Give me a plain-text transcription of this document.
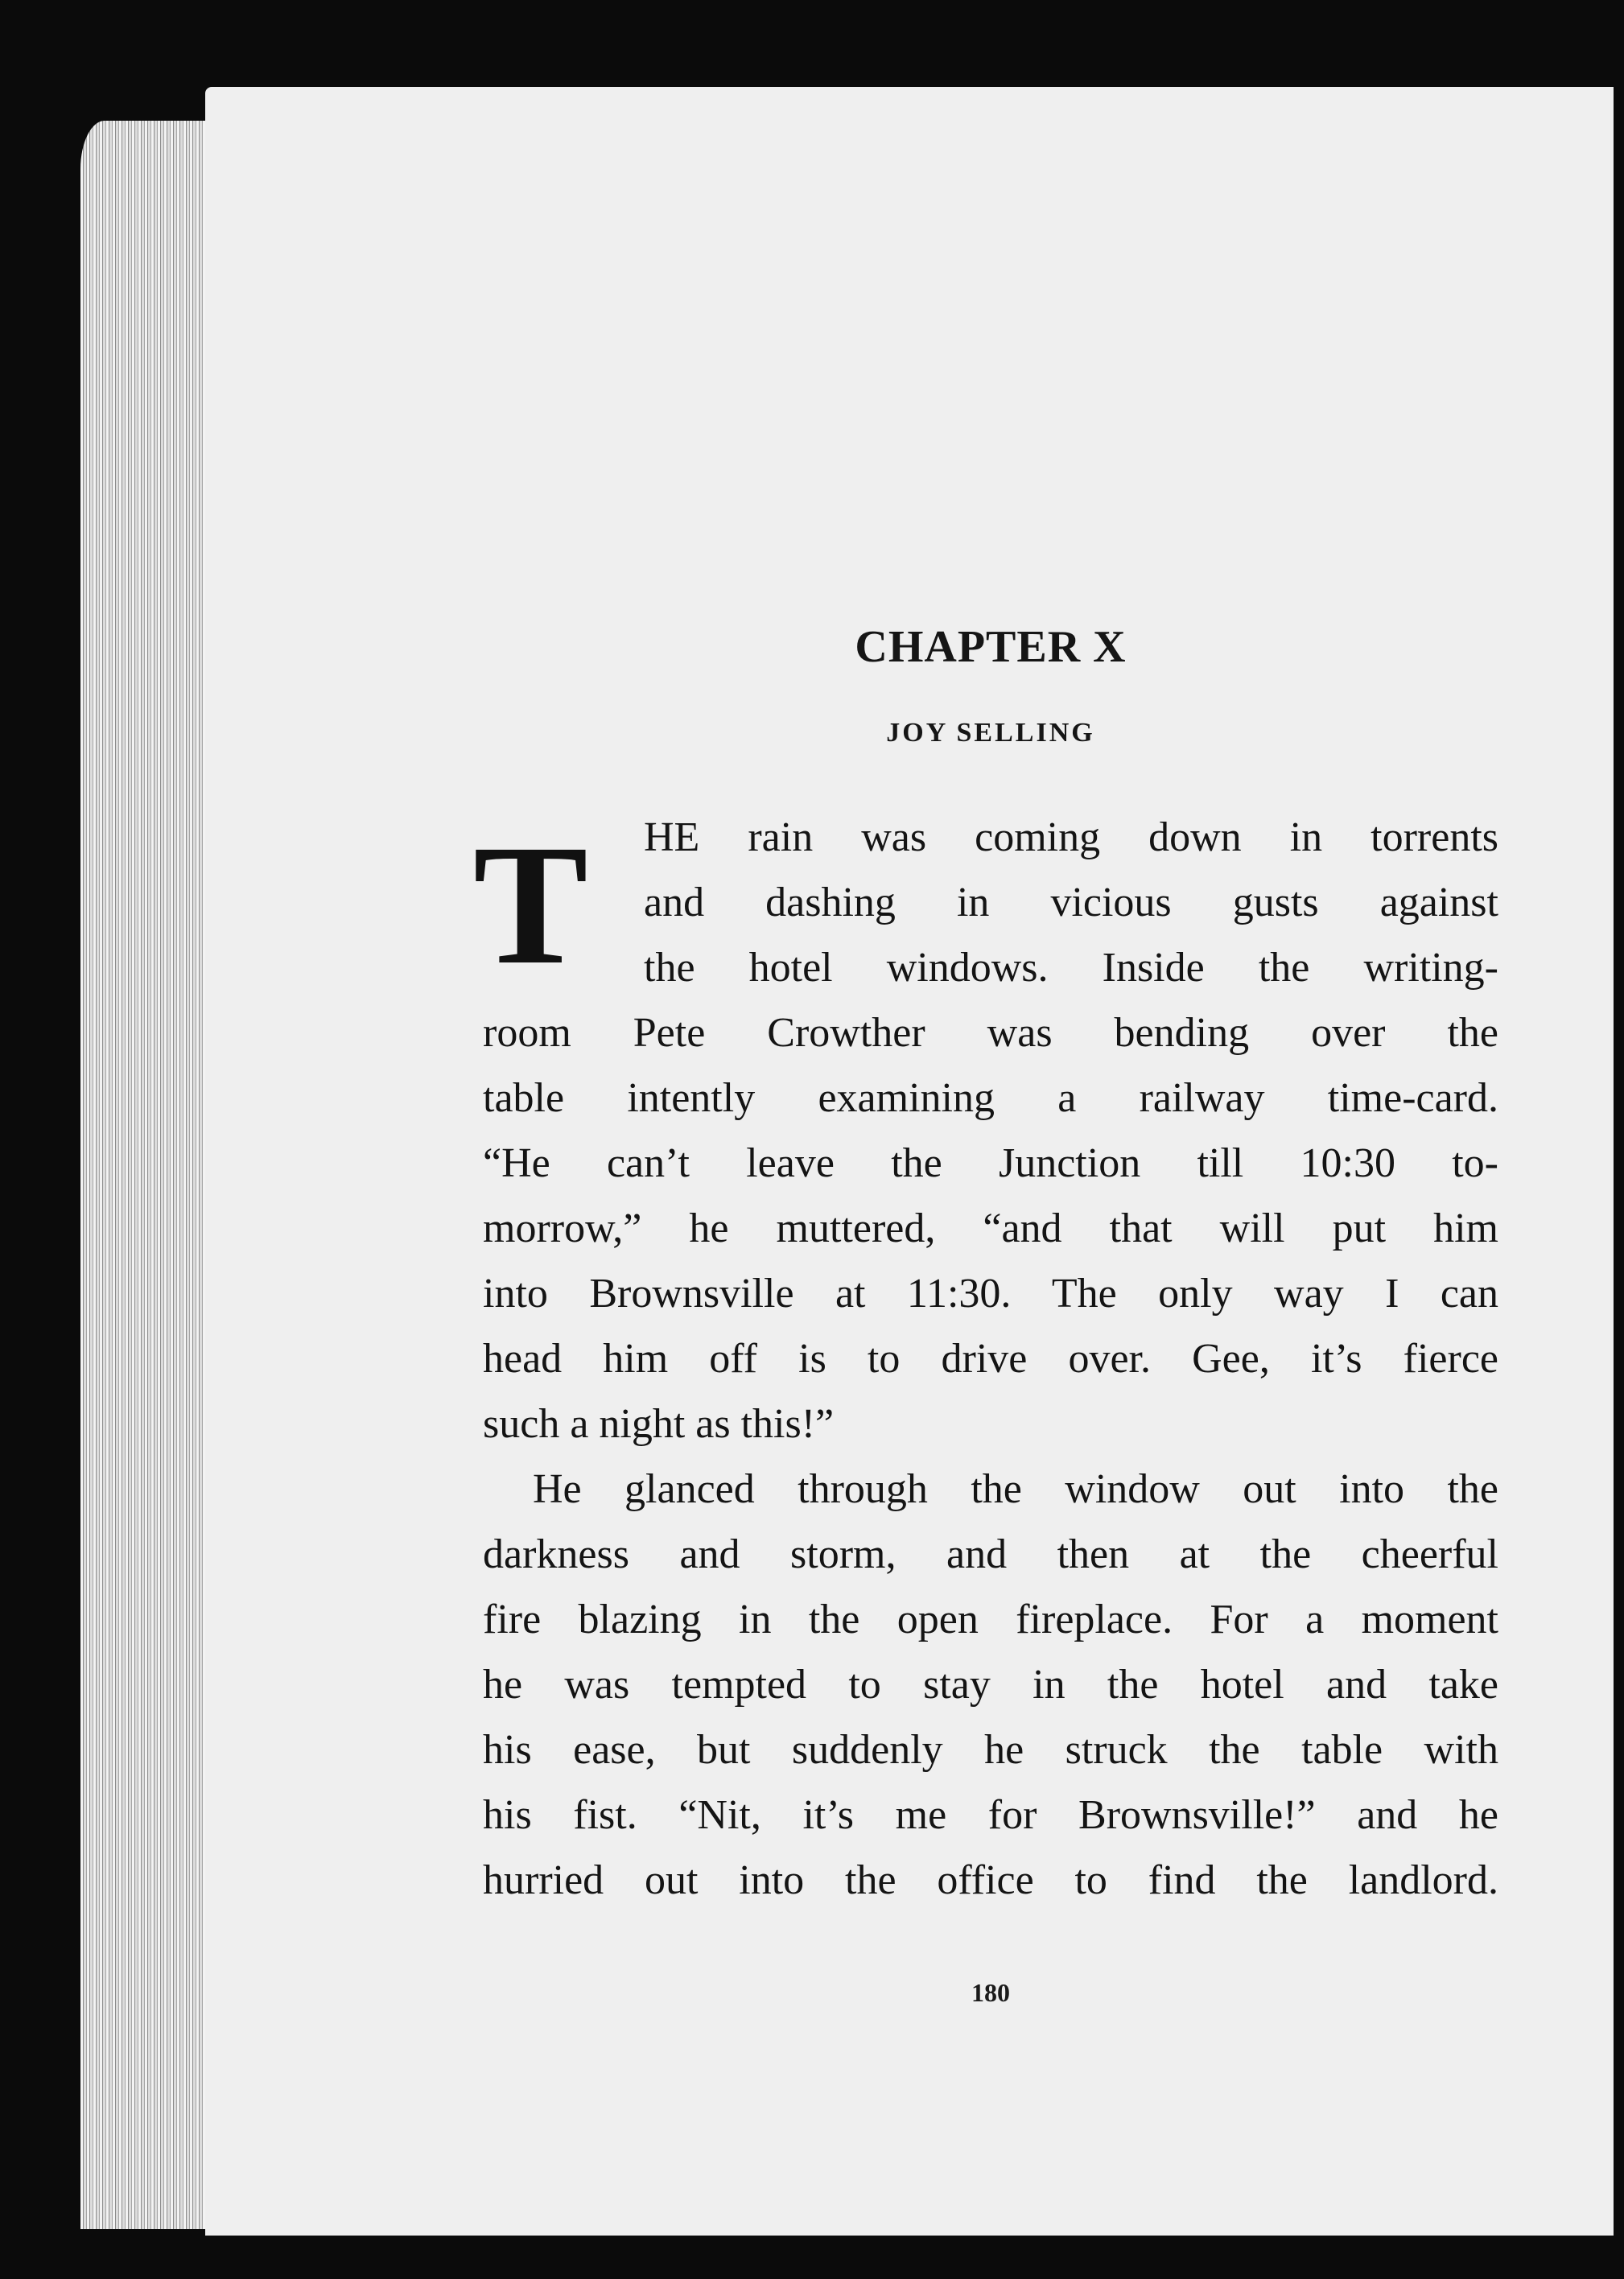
CHAPTER X
JOY SELLING
T	HE rain was coming down in torrents
and dashing in vicious gusts against
the hotel windows. Inside the writing-
room Pete Crowther was bending over the
table intently examining a railway time-card.
“He can’t leave the Junction till 10:30 to-
morrow,” he muttered, “and that will put him
into Brownsville at 11:30. The only way I can
head him off is to drive over. Gee, it’s fierce
such a night as this!”
He glanced through the window out into the
darkness and storm, and then at the cheerful
fire blazing in the open fireplace. For a moment
he was tempted to stay in the hotel and take
his ease, but suddenly he struck the table with
his fist. “Nit, it’s me for Brownsville!” and he
hurried out into the office to find the landlord.
180
